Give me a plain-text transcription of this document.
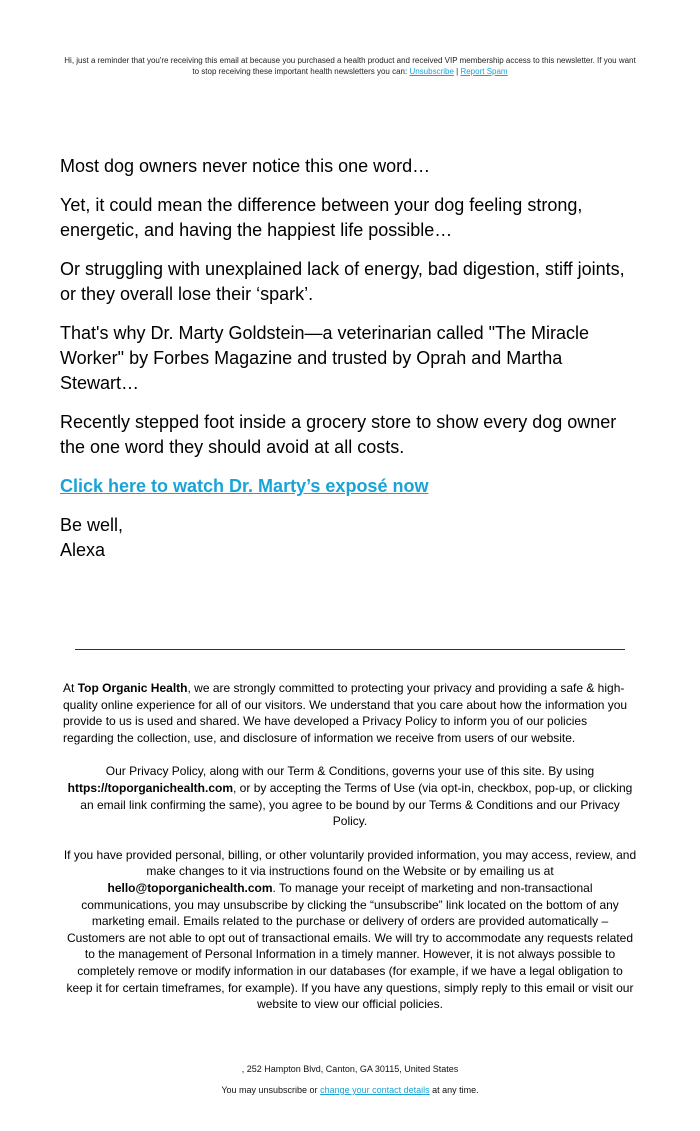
Hi, just a reminder that you're receiving this email at because you purchased a health product and received VIP membership access to this newsletter. If you want to stop receiving these important health newsletters you can: Unsubscribe | Report Spam

Most dog owners never notice this one word…

Yet, it could mean the difference between your dog feeling strong, energetic, and having the happiest life possible…

Or struggling with unexplained lack of energy, bad digestion, stiff joints, or they overall lose their ‘spark’.

That's why Dr. Marty Goldstein—a veterinarian called "The Miracle Worker" by Forbes Magazine and trusted by Oprah and Martha Stewart…

Recently stepped foot inside a grocery store to show every dog owner the one word they should avoid at all costs.

Click here to watch Dr. Marty’s exposé now

Be well,
Alexa

At Top Organic Health, we are strongly committed to protecting your privacy and providing a safe & high-quality online experience for all of our visitors. We understand that you care about how the information you provide to us is used and shared. We have developed a Privacy Policy to inform you of our policies regarding the collection, use, and disclosure of information we receive from users of our website.

Our Privacy Policy, along with our Term & Conditions, governs your use of this site. By using https://toporganichealth.com, or by accepting the Terms of Use (via opt-in, checkbox, pop-up, or clicking an email link confirming the same), you agree to be bound by our Terms & Conditions and our Privacy Policy.

If you have provided personal, billing, or other voluntarily provided information, you may access, review, and make changes to it via instructions found on the Website or by emailing us at hello@toporganichealth.com. To manage your receipt of marketing and non-transactional communications, you may unsubscribe by clicking the “unsubscribe” link located on the bottom of any marketing email. Emails related to the purchase or delivery of orders are provided automatically – Customers are not able to opt out of transactional emails. We will try to accommodate any requests related to the management of Personal Information in a timely manner. However, it is not always possible to completely remove or modify information in our databases (for example, if we have a legal obligation to keep it for certain timeframes, for example). If you have any questions, simply reply to this email or visit our website to view our official policies.

, 252 Hampton Blvd, Canton, GA 30115, United States
You may unsubscribe or change your contact details at any time.
